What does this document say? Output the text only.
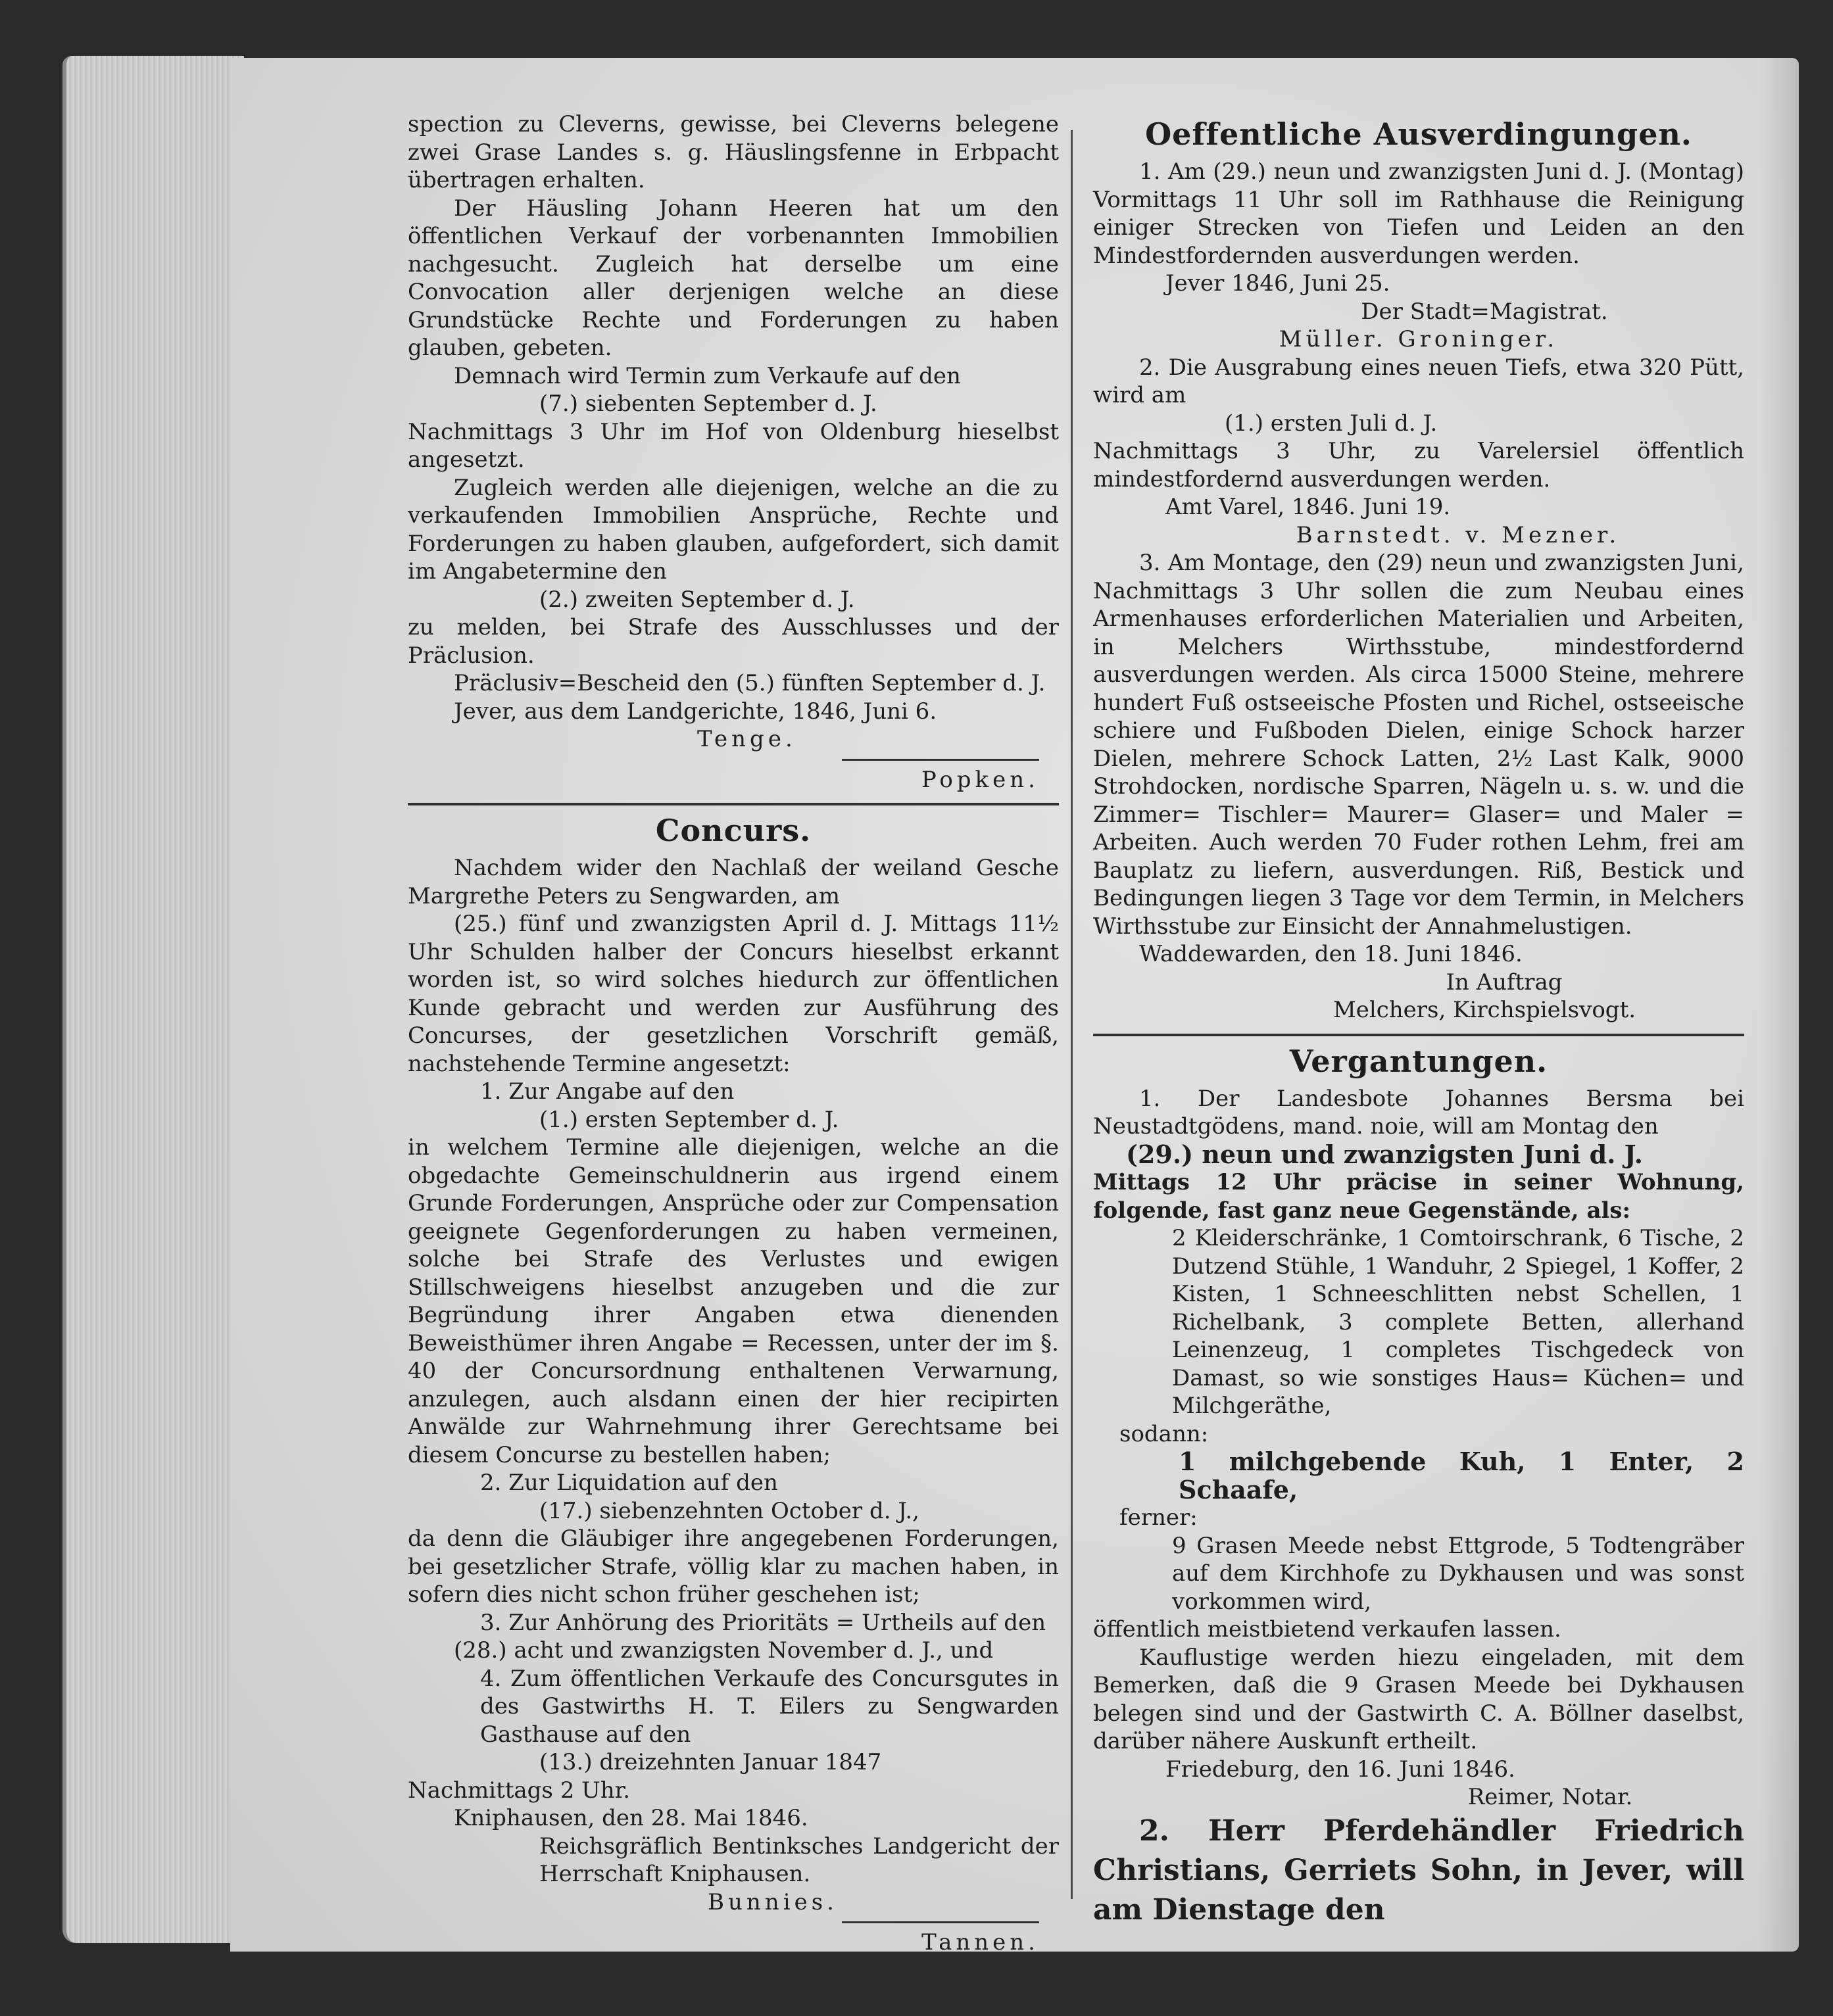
spection zu Cleverns, gewisse, bei Cleverns belegene zwei Grase Landes s. g. Häuslingsfenne in Erbpacht übertragen erhalten.

Der Häusling Johann Heeren hat um den öffentlichen Verkauf der vorbenannten Immobilien nachgesucht. Zugleich hat derselbe um eine Convocation aller derjenigen welche an diese Grundstücke Rechte und Forderungen zu haben glauben, gebeten.

Demnach wird Termin zum Verkaufe auf den

(7.) siebenten September d. J.

Nachmittags 3 Uhr im Hof von Oldenburg hieselbst angesetzt.

Zugleich werden alle diejenigen, welche an die zu verkaufenden Immobilien Ansprüche, Rechte und Forderungen zu haben glauben, aufgefordert, sich damit im Angabetermine den

(2.) zweiten September d. J.

zu melden, bei Strafe des Ausschlusses und der Präclusion.

Präclusiv=Bescheid den (5.) fünften September d. J.

Jever, aus dem Landgerichte, 1846, Juni 6.

Tenge.

Popken.

Concurs.

Nachdem wider den Nachlaß der weiland Gesche Margrethe Peters zu Sengwarden, am

(25.) fünf und zwanzigsten April d. J. Mittags 11½ Uhr Schulden halber der Concurs hieselbst erkannt worden ist, so wird solches hiedurch zur öffentlichen Kunde gebracht und werden zur Ausführung des Concurses, der gesetzlichen Vorschrift gemäß, nachstehende Termine angesetzt:

1. Zur Angabe auf den

(1.) ersten September d. J.

in welchem Termine alle diejenigen, welche an die obgedachte Gemeinschuldnerin aus irgend einem Grunde Forderungen, Ansprüche oder zur Compensation geeignete Gegenforderungen zu haben vermeinen, solche bei Strafe des Verlustes und ewigen Stillschweigens hieselbst anzugeben und die zur Begründung ihrer Angaben etwa dienenden Beweisthümer ihren Angabe = Recessen, unter der im §. 40 der Concursordnung enthaltenen Verwarnung, anzulegen, auch alsdann einen der hier recipirten Anwälde zur Wahrnehmung ihrer Gerechtsame bei diesem Concurse zu bestellen haben;

2. Zur Liquidation auf den

(17.) siebenzehnten October d. J.,

da denn die Gläubiger ihre angegebenen Forderungen, bei gesetzlicher Strafe, völlig klar zu machen haben, in sofern dies nicht schon früher geschehen ist;

3. Zur Anhörung des Prioritäts = Urtheils auf den

(28.) acht und zwanzigsten November d. J., und

4. Zum öffentlichen Verkaufe des Concursgutes in des Gastwirths H. T. Eilers zu Sengwarden Gasthause auf den

(13.) dreizehnten Januar 1847

Nachmittags 2 Uhr.

Kniphausen, den 28. Mai 1846.

Reichsgräflich Bentinksches Landgericht der Herrschaft Kniphausen.

Bunnies.

Tannen.

Oeffentliche Ausverdingungen.

1. Am (29.) neun und zwanzigsten Juni d. J. (Montag) Vormittags 11 Uhr soll im Rathhause die Reinigung einiger Strecken von Tiefen und Leiden an den Mindestfordernden ausverdungen werden.

Jever 1846, Juni 25.

Der Stadt=Magistrat.

Müller. Groninger.

2. Die Ausgrabung eines neuen Tiefs, etwa 320 Pütt, wird am

(1.) ersten Juli d. J.

Nachmittags 3 Uhr, zu Varelersiel öffentlich mindestfordernd ausverdungen werden.

Amt Varel, 1846. Juni 19.

Barnstedt. v. Mezner.

3. Am Montage, den (29) neun und zwanzigsten Juni, Nachmittags 3 Uhr sollen die zum Neubau eines Armenhauses erforderlichen Materialien und Arbeiten, in Melchers Wirthsstube, mindestfordernd ausverdungen werden. Als circa 15000 Steine, mehrere hundert Fuß ostseeische Pfosten und Richel, ostseeische schiere und Fußboden Dielen, einige Schock harzer Dielen, mehrere Schock Latten, 2½ Last Kalk, 9000 Strohdocken, nordische Sparren, Nägeln u. s. w. und die Zimmer= Tischler= Maurer= Glaser= und Maler = Arbeiten. Auch werden 70 Fuder rothen Lehm, frei am Bauplatz zu liefern, ausverdungen. Riß, Bestick und Bedingungen liegen 3 Tage vor dem Termin, in Melchers Wirthsstube zur Einsicht der Annahmelustigen.

Waddewarden, den 18. Juni 1846.

In Auftrag

Melchers, Kirchspielsvogt.

Vergantungen.

1. Der Landesbote Johannes Bersma bei Neustadtgödens, mand. noie, will am Montag den

(29.) neun und zwanzigsten Juni d. J.

Mittags 12 Uhr präcise in seiner Wohnung, folgende, fast ganz neue Gegenstände, als:

2 Kleiderschränke, 1 Comtoirschrank, 6 Tische, 2 Dutzend Stühle, 1 Wanduhr, 2 Spiegel, 1 Koffer, 2 Kisten, 1 Schneeschlitten nebst Schellen, 1 Richelbank, 3 complete Betten, allerhand Leinenzeug, 1 completes Tischgedeck von Damast, so wie sonstiges Haus= Küchen= und Milchgeräthe,

sodann:

1 milchgebende Kuh, 1 Enter, 2 Schaafe,

ferner:

9 Grasen Meede nebst Ettgrode, 5 Todtengräber auf dem Kirchhofe zu Dykhausen und was sonst vorkommen wird,

öffentlich meistbietend verkaufen lassen.

Kauflustige werden hiezu eingeladen, mit dem Bemerken, daß die 9 Grasen Meede bei Dykhausen belegen sind und der Gastwirth C. A. Böllner daselbst, darüber nähere Auskunft ertheilt.

Friedeburg, den 16. Juni 1846.

Reimer, Notar.

2. Herr Pferdehändler Friedrich Christians, Gerriets Sohn, in Jever, will am Dienstage den
